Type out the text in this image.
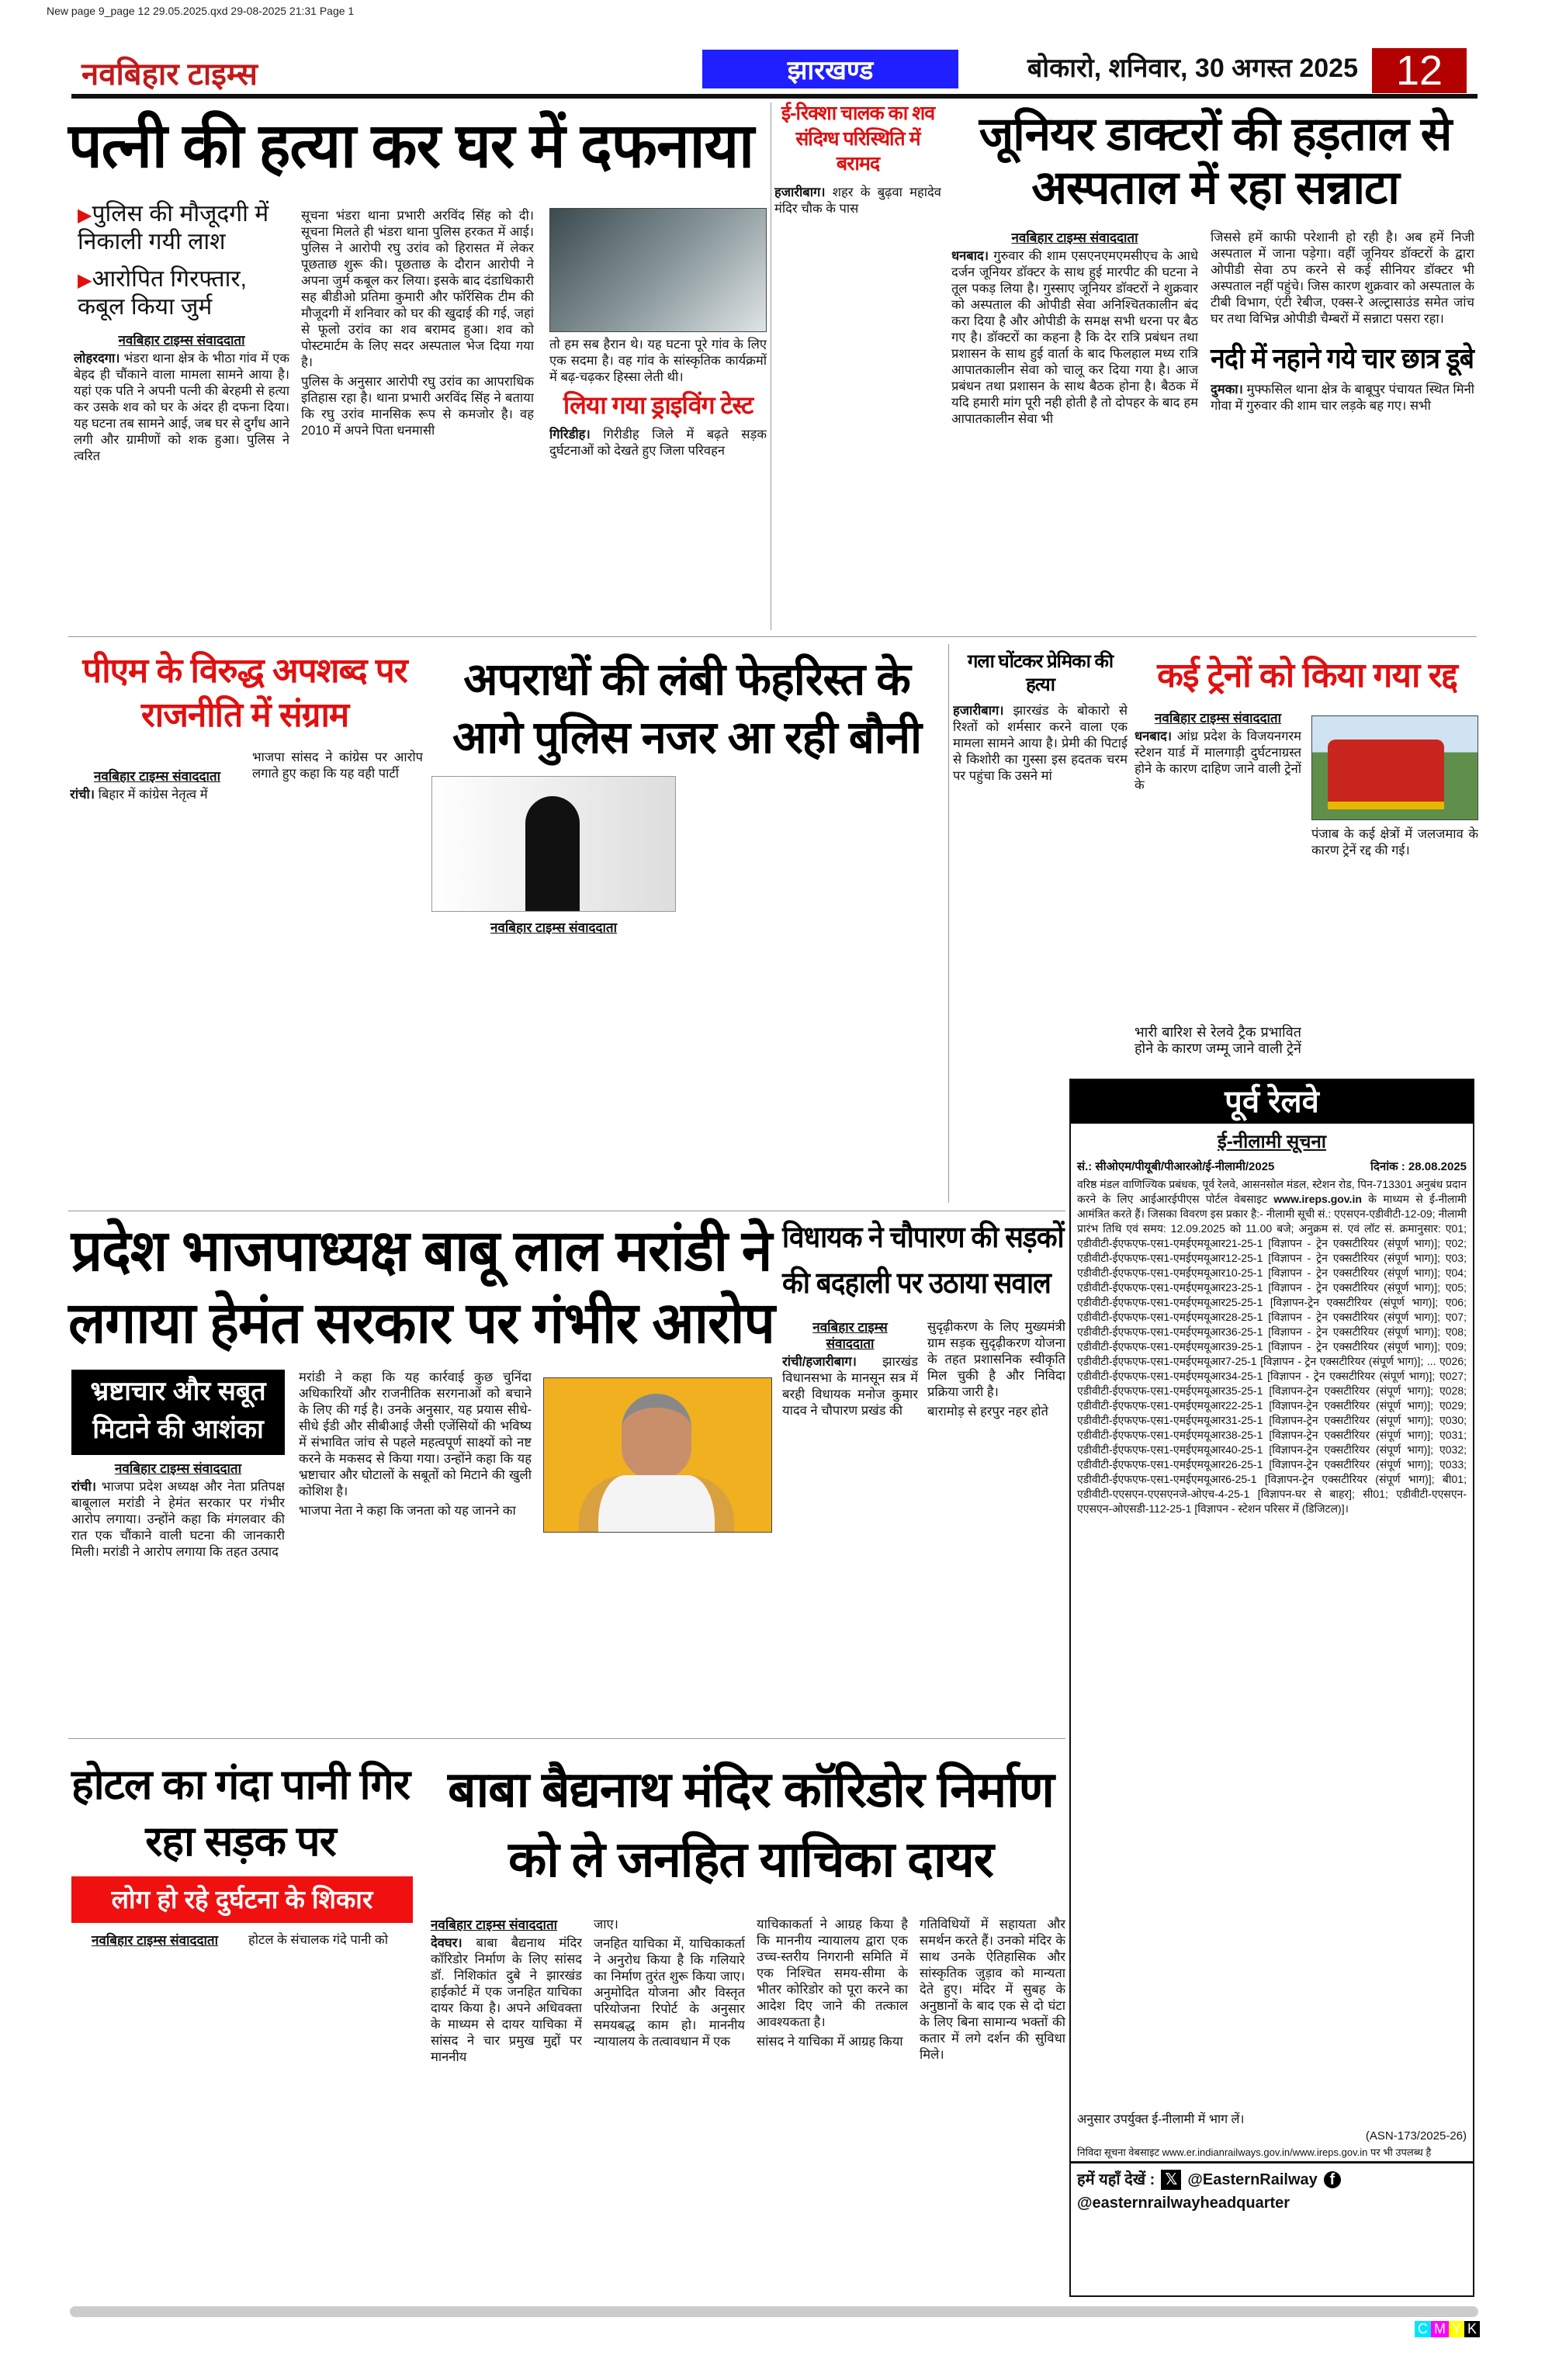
New page 9_page 12 29.05.2025.qxd 29-08-2025 21:31 Page 1
नवबिहार टाइम्स	झारखण्ड	बोकारो, शनिवार, 30 अगस्त 2025 12
पत्नी की हत्या कर घर में दफनाया
▶पुलिस की मौजूदगी में निकाली गयी लाश
▶आरोपित गिरफ्तार, कबूल किया जुर्म
नवबिहार टाइम्स संवाददाता

लोहरदगा। भंडरा थाना क्षेत्र के भीठा गांव में एक बेहद ही चौंकाने वाला मामला सामने आया है। यहां एक पति ने अपनी पत्नी की बेरहमी से हत्या कर उसके शव को घर के अंदर ही दफना दिया। यह घटना तब सामने आई, जब घर से दुर्गंध आने लगी और ग्रामीणों को शक हुआ। पुलिस ने त्वरित

सूचना भंडरा थाना प्रभारी अरविंद सिंह को दी। सूचना मिलते ही भंडरा थाना पुलिस हरकत में आई। पुलिस ने आरोपी रघु उरांव को हिरासत में लेकर पूछताछ शुरू की। पूछताछ के दौरान आरोपी ने अपना जुर्म कबूल कर लिया। इसके बाद दंडाधिकारी सह बीडीओ प्रतिमा कुमारी और फॉरेंसिक टीम की मौजूदगी में शनिवार को घर की खुदाई की गई, जहां से फूलो उरांव का शव बरामद हुआ। शव को पोस्टमार्टम के लिए सदर अस्पताल भेज दिया गया है।

पुलिस के अनुसार आरोपी रघु उरांव का आपराधिक इतिहास रहा है। थाना प्रभारी अरविंद सिंह ने बताया कि रघु उरांव मानसिक रूप से कमजोर है। वह 2010 में अपने पिता धनमासी

तो हम सब हैरान थे। यह घटना पूरे गांव के लिए एक सदमा है। वह गांव के सांस्कृतिक कार्यक्रमों में बढ़-चढ़कर हिस्सा लेती थी।

लिया गया ड्राइविंग टेस्ट

गिरिडीह। गिरीडीह जिले में बढ़ते सड़क दुर्घटनाओं को देखते हुए जिला परिवहन

ई-रिक्शा चालक का शव संदिग्ध परिस्थिति में बरामद

हजारीबाग। शहर के बुढ़वा महादेव मंदिर चौक के पास

जूनियर डाक्टरों की हड़ताल से अस्पताल में रहा सन्नाटा
नवबिहार टाइम्स संवाददाता

धनबाद। गुरुवार की शाम एसएनएमएमसीएच के आधे दर्जन जूनियर डॉक्टर के साथ हुई मारपीट की घटना ने तूल पकड़ लिया है। गुस्साए जूनियर डॉक्टरों ने शुक्रवार को अस्पताल की ओपीडी सेवा अनिश्चितकालीन बंद करा दिया है और ओपीडी के समक्ष सभी धरना पर बैठ गए है। डॉक्टरों का कहना है कि देर रात्रि प्रबंधन तथा प्रशासन के साथ हुई वार्ता के बाद फिलहाल मध्य रात्रि आपातकालीन सेवा को चालू कर दिया गया है। आज प्रबंधन तथा प्रशासन के साथ बैठक होना है। बैठक में यदि हमारी मांग पूरी नही होती है तो दोपहर के बाद हम आपातकालीन सेवा भी

जिससे हमें काफी परेशानी हो रही है। अब हमें निजी अस्पताल में जाना पड़ेगा। वहीं जूनियर डॉक्टरों के द्वारा ओपीडी सेवा ठप करने से कई सीनियर डॉक्टर भी अस्पताल नहीं पहुंचे। जिस कारण शुक्रवार को अस्पताल के टीबी विभाग, एंटी रेबीज, एक्स-रे अल्ट्रासाउंड समेत जांच घर तथा विभिन्न ओपीडी चैम्बरों में सन्नाटा पसरा रहा।

नदी में नहाने गये चार छात्र डूबे

दुमका। मुफ्फसिल थाना क्षेत्र के बाबूपुर पंचायत स्थित मिनी गोवा में गुरुवार की शाम चार लड़के बह गए। सभी

पीएम के विरुद्ध अपशब्द पर राजनीति में संग्राम
नवबिहार टाइम्स संवाददाता

रांची। बिहार में कांग्रेस नेतृत्व में

भाजपा सांसद ने कांग्रेस पर आरोप लगाते हुए कहा कि यह वही पार्टी

अपराधों की लंबी फेहरिस्त के आगे पुलिस नजर आ रही बौनी
नवबिहार टाइम्स संवाददाता
गला घोंटकर प्रेमिका की हत्या

हजारीबाग। झारखंड के बोकारो से रिश्तों को शर्मसार करने वाला एक मामला सामने आया है। प्रेमी की पिटाई से किशोरी का गुस्सा इस हदतक चरम पर पहुंचा कि उसने मां

कई ट्रेनों को किया गया रद्द
नवबिहार टाइम्स संवाददाता

धनबाद। आंध्र प्रदेश के विजयनगरम स्टेशन यार्ड में मालगाड़ी दुर्घटनाग्रस्त होने के कारण दाहिण जाने वाली ट्रेनों के

भारी बारिश से रेलवे ट्रैक प्रभावित होने के कारण जम्मू जाने वाली ट्रेनें

पंजाब के कई क्षेत्रों में जलजमाव के कारण ट्रेनें रद्द की गई।

पूर्व रेलवे
ई-नीलामी सूचना
सं.: सीओएम/पीयूबी/पीआरओ/ई-नीलामी/2025	दिनांक : 28.08.2025
वरिष्ठ मंडल वाणिज्यिक प्रबंधक, पूर्व रेलवे, आसनसोल मंडल, स्टेशन रोड, पिन-713301 अनुबंध प्रदान करने के लिए आईआरईपीएस पोर्टल वेबसाइट www.ireps.gov.in के माध्यम से ई-नीलामी आमंत्रित करते हैं। जिसका विवरण इस प्रकार है:- नीलामी सूची सं.: एएसएन-एडीवीटी-12-09; नीलामी प्रारंभ तिथि एवं समय: 12.09.2025 को 11.00 बजे; अनुक्रम सं. एवं लॉट सं. क्रमानुसार: ए01; एडीवीटी-ईएफएफ-एस1-एमईएमयूआर21-25-1 [विज्ञापन - ट्रेन एक्सटीरियर (संपूर्ण भाग)]; ए02; एडीवीटी-ईएफएफ-एस1-एमईएमयूआर12-25-1 [विज्ञापन - ट्रेन एक्सटीरियर (संपूर्ण भाग)]; ए03; एडीवीटी-ईएफएफ-एस1-एमईएमयूआर10-25-1 [विज्ञापन - ट्रेन एक्सटीरियर (संपूर्ण भाग)]; ए04; एडीवीटी-ईएफएफ-एस1-एमईएमयूआर23-25-1 [विज्ञापन - ट्रेन एक्सटीरियर (संपूर्ण भाग)]; ए05; एडीवीटी-ईएफएफ-एस1-एमईएमयूआर25-25-1 [विज्ञापन-ट्रेन एक्सटीरियर (संपूर्ण भाग)]; ए06; एडीवीटी-ईएफएफ-एस1-एमईएमयूआर28-25-1 [विज्ञापन - ट्रेन एक्सटीरियर (संपूर्ण भाग)]; ए07; एडीवीटी-ईएफएफ-एस1-एमईएमयूआर36-25-1 [विज्ञापन - ट्रेन एक्सटीरियर (संपूर्ण भाग)]; ए08; एडीवीटी-ईएफएफ-एस1-एमईएमयूआर39-25-1 [विज्ञापन - ट्रेन एक्सटीरियर (संपूर्ण भाग)]; ए09; एडीवीटी-ईएफएफ-एस1-एमईएमयूआर7-25-1 [विज्ञापन - ट्रेन एक्सटीरियर (संपूर्ण भाग)]; ... ए026; एडीवीटी-ईएफएफ-एस1-एमईएमयूआर34-25-1 [विज्ञापन - ट्रेन एक्सटीरियर (संपूर्ण भाग)]; ए027; एडीवीटी-ईएफएफ-एस1-एमईएमयूआर35-25-1 [विज्ञापन-ट्रेन एक्सटीरियर (संपूर्ण भाग)]; ए028; एडीवीटी-ईएफएफ-एस1-एमईएमयूआर22-25-1 [विज्ञापन-ट्रेन एक्सटीरियर (संपूर्ण भाग)]; ए029; एडीवीटी-ईएफएफ-एस1-एमईएमयूआर31-25-1 [विज्ञापन-ट्रेन एक्सटीरियर (संपूर्ण भाग)]; ए030; एडीवीटी-ईएफएफ-एस1-एमईएमयूआर38-25-1 [विज्ञापन-ट्रेन एक्सटीरियर (संपूर्ण भाग)]; ए031; एडीवीटी-ईएफएफ-एस1-एमईएमयूआर40-25-1 [विज्ञापन-ट्रेन एक्सटीरियर (संपूर्ण भाग)]; ए032; एडीवीटी-ईएफएफ-एस1-एमईएमयूआर26-25-1 [विज्ञापन-ट्रेन एक्सटीरियर (संपूर्ण भाग)]; ए033; एडीवीटी-ईएफएफ-एस1-एमईएमयूआर6-25-1 [विज्ञापन-ट्रेन एक्सटीरियर (संपूर्ण भाग)]; बी01; एडीवीटी-एएसएन-एएसएनजे-ओएच-4-25-1 [विज्ञापन-घर से बाहर]; सी01; एडीवीटी-एएसएन-एएसएन-ओएसडी-112-25-1 [विज्ञापन - स्टेशन परिसर में (डिजिटल)]।
अनुसार उपर्युक्त ई-नीलामी में भाग लें।
(ASN-173/2025-26)
निविदा सूचना वेबसाइट www.er.indianrailways.gov.in/www.ireps.gov.in पर भी उपलब्ध है
हमें यहाँ देखें : 𝕏 @EasternRailway f
@easternrailwayheadquarter
प्रदेश भाजपाध्यक्ष बाबू लाल मरांडी ने लगाया हेमंत सरकार पर गंभीर आरोप
भ्रष्टाचार और सबूत मिटाने की आशंका
नवबिहार टाइम्स संवाददाता

रांची। भाजपा प्रदेश अध्यक्ष और नेता प्रतिपक्ष बाबूलाल मरांडी ने हेमंत सरकार पर गंभीर आरोप लगाया। उन्होंने कहा कि मंगलवार की रात एक चौंकाने वाली घटना की जानकारी मिली। मरांडी ने आरोप लगाया कि तहत उत्पाद

मरांडी ने कहा कि यह कार्रवाई कुछ चुनिंदा अधिकारियों और राजनीतिक सरगनाओं को बचाने के लिए की गई है। उनके अनुसार, यह प्रयास सीधे-सीधे ईडी और सीबीआई जैसी एजेंसियों की भविष्य में संभावित जांच से पहले महत्वपूर्ण साक्ष्यों को नष्ट करने के मकसद से किया गया। उन्होंने कहा कि यह भ्रष्टाचार और घोटालों के सबूतों को मिटाने की खुली कोशिश है।

भाजपा नेता ने कहा कि जनता को यह जानने का

विधायक ने चौपारण की सड़कों की बदहाली पर उठाया सवाल
नवबिहार टाइम्स
संवाददाता

रांची/हजारीबाग। झारखंड विधानसभा के मानसून सत्र में बरही विधायक मनोज कुमार यादव ने चौपारण प्रखंड की

सुदृढ़ीकरण के लिए मुख्यमंत्री ग्राम सड़क सुदृढ़ीकरण योजना के तहत प्रशासनिक स्वीकृति मिल चुकी है और निविदा प्रक्रिया जारी है।

बारामोड़ से हरपुर नहर होते

होटल का गंदा पानी गिर रहा सड़क पर
लोग हो रहे दुर्घटना के शिकार
नवबिहार टाइम्स संवाददाता	होटल के संचालक गंदे पानी को

बाबा बैद्यनाथ मंदिर कॉरिडोर निर्माण को ले जनहित याचिका दायर
नवबिहार टाइम्स संवाददाता

देवघर। बाबा बैद्यनाथ मंदिर कॉरिडोर निर्माण के लिए सांसद डॉ. निशिकांत दुबे ने झारखंड हाईकोर्ट में एक जनहित याचिका दायर किया है। अपने अधिवक्ता के माध्यम से दायर याचिका में सांसद ने चार प्रमुख मुद्दों पर माननीय

जाए।

जनहित याचिका में, याचिकाकर्ता ने अनुरोध किया है कि गलियारे का निर्माण तुरंत शुरू किया जाए। अनुमोदित योजना और विस्तृत परियोजना रिपोर्ट के अनुसार समयबद्ध काम हो। माननीय न्यायालय के तत्वावधान में एक

याचिकाकर्ता ने आग्रह किया है कि माननीय न्यायालय द्वारा एक उच्च-स्तरीय निगरानी समिति में एक निश्चित समय-सीमा के भीतर कोरिडोर को पूरा करने का आदेश दिए जाने की तत्काल आवश्यकता है।

सांसद ने याचिका में आग्रह किया

गतिविधियों में सहायता और समर्थन करते हैं। उनको मंदिर के साथ उनके ऐतिहासिक और सांस्कृतिक जुड़ाव को मान्यता देते हुए। मंदिर में सुबह के अनुष्ठानों के बाद एक से दो घंटा के लिए बिना सामान्य भक्तों की कतार में लगे दर्शन की सुविधा मिले।

C M Y K
